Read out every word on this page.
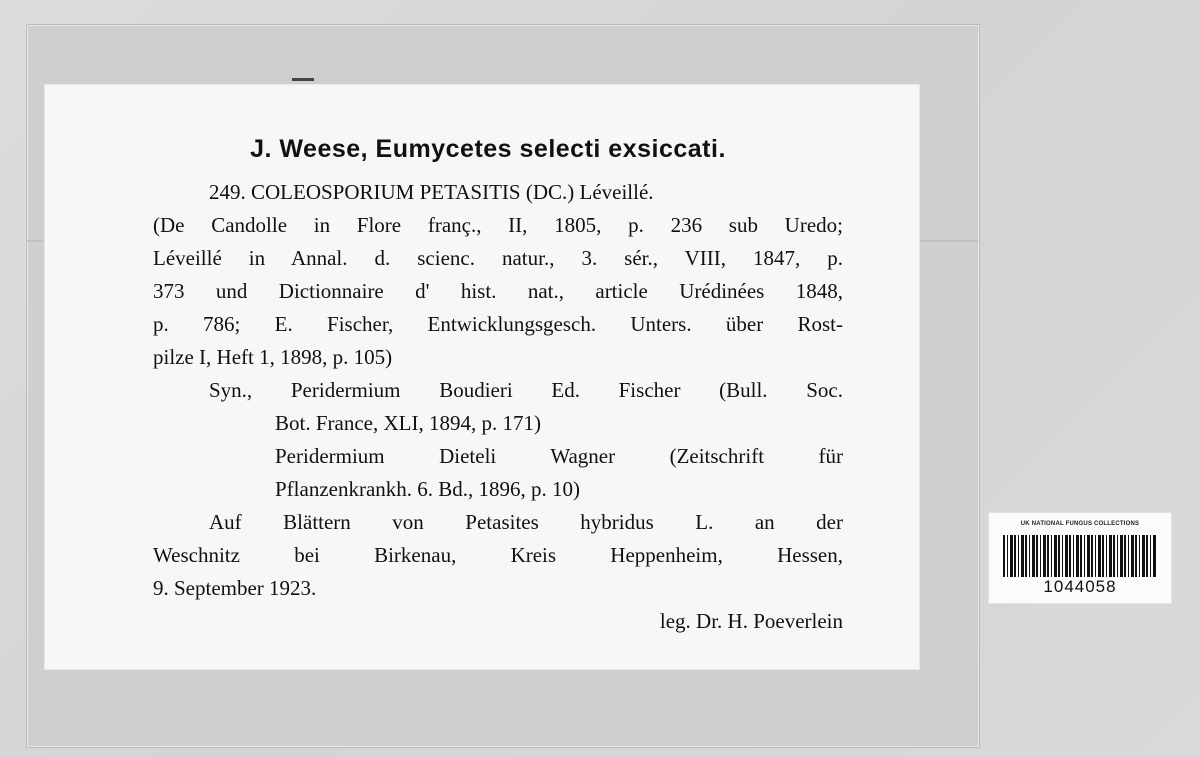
J. Weese, Eumycetes selecti exsiccati.
249. COLEOSPORIUM PETASITIS (DC.) Léveillé.
(De Candolle in Flore franç., II, 1805, p. 236 sub Uredo;
Léveillé in Annal. d. scienc. natur., 3. sér., VIII, 1847, p.
373 und Dictionnaire d' hist. nat., article Urédinées 1848,
p. 786; E. Fischer, Entwicklungsgesch. Unters. über Rost-
pilze I, Heft 1, 1898, p. 105)
Syn., Peridermium Boudieri Ed. Fischer (Bull. Soc.
Bot. France, XLI, 1894, p. 171)
Peridermium Dieteli Wagner (Zeitschrift für
Pflanzenkrankh. 6. Bd., 1896, p. 10)
Auf Blättern von Petasites hybridus L. an der
Weschnitz bei Birkenau, Kreis Heppenheim, Hessen,
9. September 1923.
leg. Dr. H. Poeverlein
UK NATIONAL FUNGUS COLLECTIONS
1044058
